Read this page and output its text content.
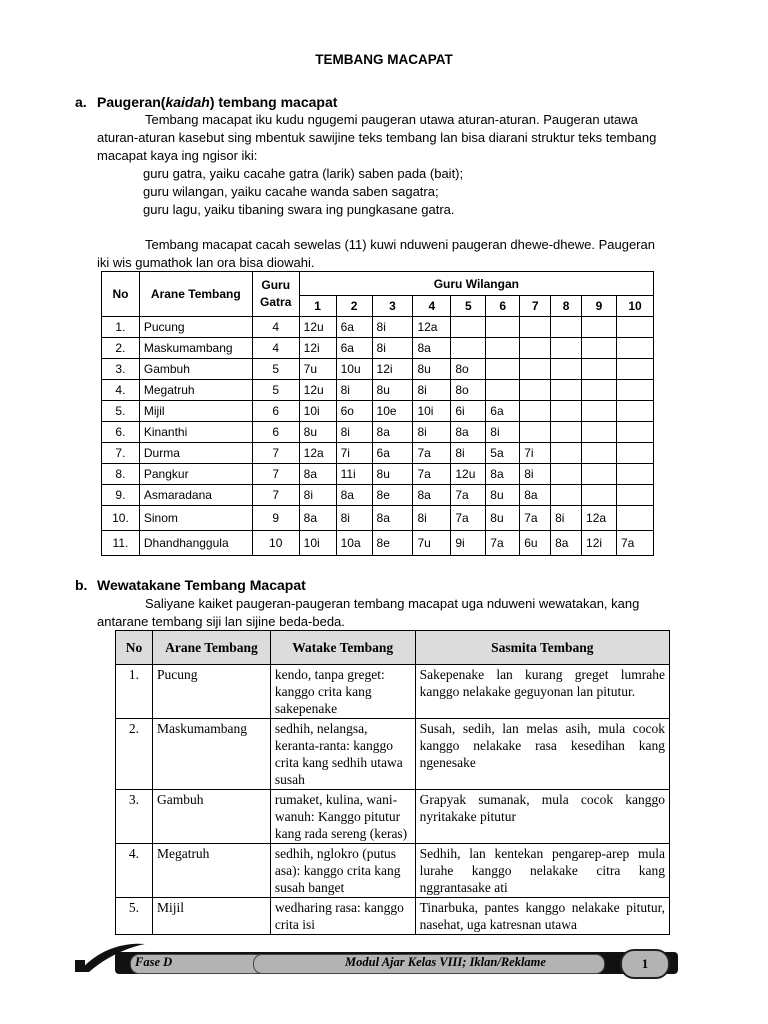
TEMBANG MACAPAT
a. Paugeran(kaidah) tembang macapat
Tembang macapat iku kudu ngugemi paugeran utawa aturan-aturan. Paugeran utawa
aturan-aturan kasebut sing mbentuk sawijine teks tembang lan bisa diarani struktur teks tembang
macapat kaya ing ngisor iki:
guru gatra, yaiku cacahe gatra (larik) saben pada (bait);
guru wilangan, yaiku cacahe wanda saben sagatra;
guru lagu, yaiku tibaning swara ing pungkasane gatra.
Tembang macapat cacah sewelas (11) kuwi nduweni paugeran dhewe-dhewe. Paugeran
iki wis gumathok lan ora bisa diowahi.
No	Arane Tembang	Guru Gatra	Guru Wilangan									
			1	2	3	4	5	6	7	8	9	10
1.	Pucung	4	12u	6a	8i	12a						
2.	Maskumambang	4	12i	6a	8i	8a						
3.	Gambuh	5	7u	10u	12i	8u	8o					
4.	Megatruh	5	12u	8i	8u	8i	8o					
5.	Mijil	6	10i	6o	10e	10i	6i	6a				
6.	Kinanthi	6	8u	8i	8a	8i	8a	8i				
7.	Durma	7	12a	7i	6a	7a	8i	5a	7i			
8.	Pangkur	7	8a	11i	8u	7a	12u	8a	8i			
9.	Asmaradana	7	8i	8a	8e	8a	7a	8u	8a			
10.	Sinom	9	8a	8i	8a	8i	7a	8u	7a	8i	12a	
11.	Dhandhanggula	10	10i	10a	8e	7u	9i	7a	6u	8a	12i	7a
b. Wewatakane Tembang Macapat
Saliyane kaiket paugeran-paugeran tembang macapat uga nduweni wewatakan, kang
antarane tembang siji lan sijine beda-beda.
No	Arane Tembang	Watake Tembang	Sasmita Tembang
1.	Pucung	kendo, tanpa greget: kanggo crita kang sakepenake	Sakepenake lan kurang greget lumrahe kanggo nelakake geguyonan lan pitutur.
2.	Maskumambang	sedhih, nelangsa, keranta-ranta: kanggo crita kang sedhih utawa susah	Susah, sedih, lan melas asih, mula cocok kanggo nelakake rasa kesedihan kang ngenesake
3.	Gambuh	rumaket, kulina, wani-wanuh: Kanggo pitutur kang rada sereng (keras)	Grapyak sumanak, mula cocok kanggo nyritakake pitutur
4.	Megatruh	sedhih, nglokro (putus asa): kanggo crita kang susah banget	Sedhih, lan kentekan pengarep-arep mula lurahe kanggo nelakake citra kang nggrantasake ati
5.	Mijil	wedharing rasa: kanggo crita isi	Tinarbuka, pantes kanggo nelakake pitutur, nasehat, uga katresnan utawa
Fase D	Modul Ajar Kelas VIII; Iklan/Reklame	1
